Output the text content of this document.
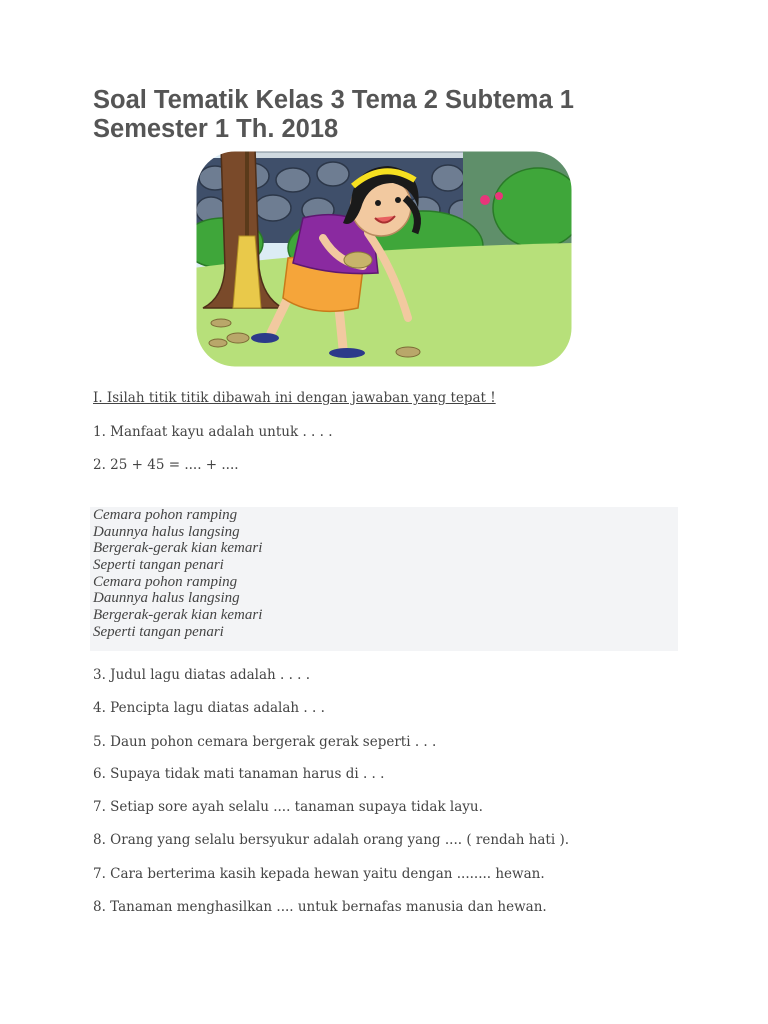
Soal Tematik Kelas 3 Tema 2 Subtema 1 Semester 1 Th. 2018
I. Isilah titik titik dibawah ini dengan jawaban yang tepat !
1. Manfaat kayu adalah untuk . . . .
2. 25 + 45 = .... + ....
Cemara pohon ramping
Daunnya halus langsing
Bergerak-gerak kian kemari
Seperti tangan penari
Cemara pohon ramping
Daunnya halus langsing
Bergerak-gerak kian kemari
Seperti tangan penari
3. Judul lagu diatas adalah . . . .
4. Pencipta lagu diatas adalah . . .
5. Daun pohon cemara bergerak gerak seperti . . .
6. Supaya tidak mati tanaman harus di . . .
7. Setiap sore ayah selalu .... tanaman supaya tidak layu.
8. Orang yang selalu bersyukur adalah orang yang .... ( rendah hati ).
7. Cara berterima kasih kepada hewan yaitu dengan ........ hewan.
8. Tanaman menghasilkan .... untuk bernafas manusia dan hewan.
